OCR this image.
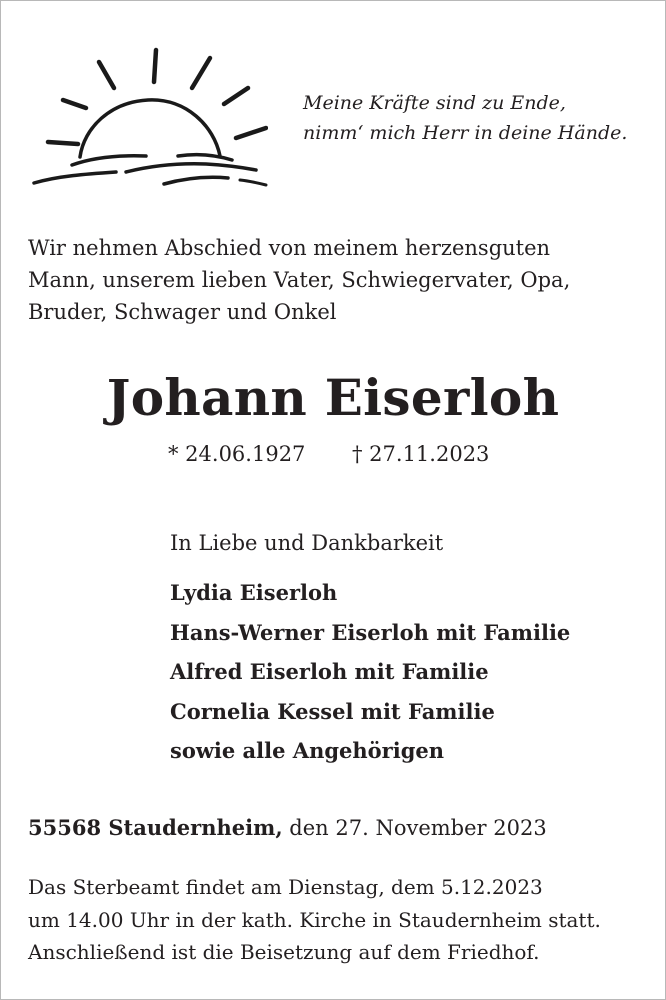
Meine Kräfte sind zu Ende,
nimm‘ mich Herr in deine Hände.
Wir nehmen Abschied von meinem herzensguten
Mann, unserem lieben Vater, Schwiegervater, Opa,
Bruder, Schwager und Onkel
Johann Eiserloh
* 24.06.1927 † 27.11.2023
In Liebe und Dankbarkeit
Lydia Eiserloh
Hans-Werner Eiserloh mit Familie
Alfred Eiserloh mit Familie
Cornelia Kessel mit Familie
sowie alle Angehörigen
55568 Staudernheim, den 27. November 2023
Das Sterbeamt findet am Dienstag, dem 5.12.2023
um 14.00 Uhr in der kath. Kirche in Staudernheim statt.
Anschließend ist die Beisetzung auf dem Friedhof.
